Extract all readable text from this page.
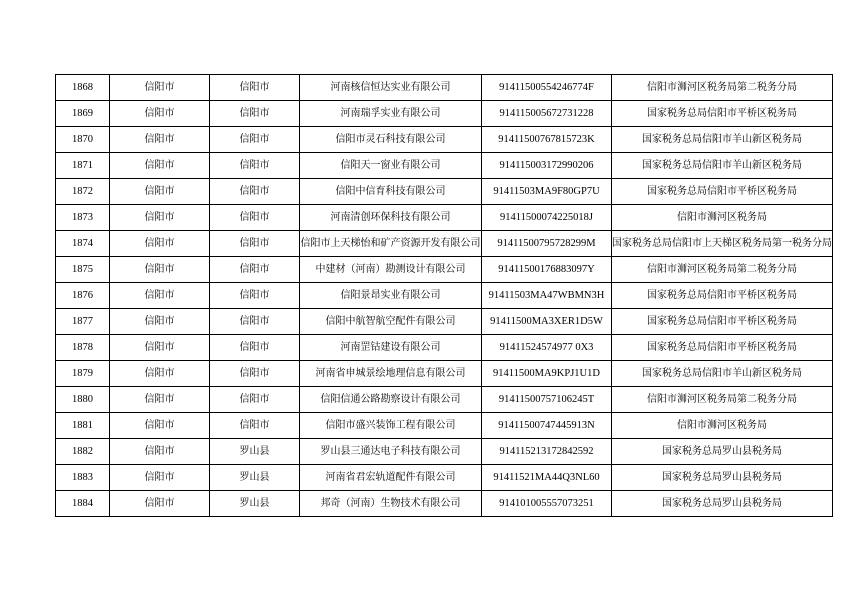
1868	信阳市	信阳市	河南核信恒达实业有限公司	91411500554246774F	信阳市浉河区税务局第二税务分局
1869	信阳市	信阳市	河南瑞孚实业有限公司	914115005672731228	国家税务总局信阳市平桥区税务局
1870	信阳市	信阳市	信阳市灵石科技有限公司	91411500767815723K	国家税务总局信阳市羊山新区税务局
1871	信阳市	信阳市	信阳天一窗业有限公司	914115003172990206	国家税务总局信阳市羊山新区税务局
1872	信阳市	信阳市	信阳中信育科技有限公司	91411503MA9F80GP7U	国家税务总局信阳市平桥区税务局
1873	信阳市	信阳市	河南清创环保科技有限公司	91411500074225018J	信阳市浉河区税务局
1874	信阳市	信阳市	信阳市上天梯怡和矿产资源开发有限公司	91411500795728299M	国家税务总局信阳市上天梯区税务局第一税务分局
1875	信阳市	信阳市	中建材（河南）勘测设计有限公司	91411500176883097Y	信阳市浉河区税务局第二税务分局
1876	信阳市	信阳市	信阳景昂实业有限公司	91411503MA47WBMN3H	国家税务总局信阳市平桥区税务局
1877	信阳市	信阳市	信阳中航智航空配件有限公司	91411500MA3XER1D5W	国家税务总局信阳市平桥区税务局
1878	信阳市	信阳市	河南罡钴建设有限公司	91411524574977 0X3	国家税务总局信阳市平桥区税务局
1879	信阳市	信阳市	河南省申城景绘地理信息有限公司	91411500MA9KPJ1U1D	国家税务总局信阳市羊山新区税务局
1880	信阳市	信阳市	信阳信通公路勘察设计有限公司	91411500757106245T	信阳市浉河区税务局第二税务分局
1881	信阳市	信阳市	信阳市盛兴装饰工程有限公司	91411500747445913N	信阳市浉河区税务局
1882	信阳市	罗山县	罗山县三通达电子科技有限公司	914115213172842592	国家税务总局罗山县税务局
1883	信阳市	罗山县	河南省君宏轨道配件有限公司	91411521MA44Q3NL60	国家税务总局罗山县税务局
1884	信阳市	罗山县	邦奇（河南）生物技术有限公司	914101005557073251	国家税务总局罗山县税务局
